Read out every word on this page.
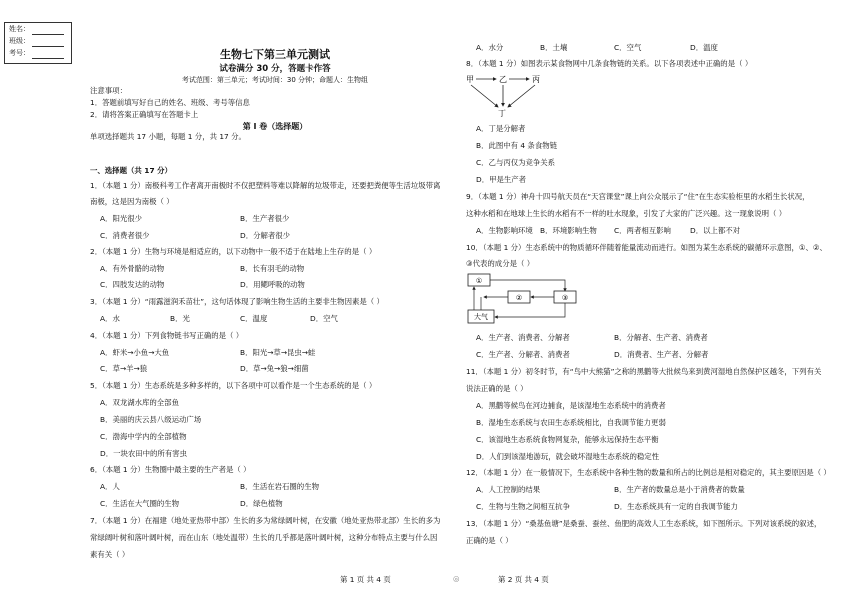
姓名：
班级：
考号：	生物七下第三单元测试
试卷满分 30 分，答题卡作答
考试范围：第三单元；考试时间：30 分钟；命题人：生物组
注意事项：
1．答题前填写好自己的姓名、班级、考号等信息
2．请将答案正确填写在答题卡上
第 I 卷（选择题）
单项选择题共 17 小题，每题 1 分，共 17 分。
一、选择题（共 17 分）
1．（本题 1 分）南极科考工作者离开南极时不仅把塑料等难以降解的垃圾带走，还要把粪便等生活垃圾带离
南极，这是因为南极（ ）
A．阳光很少	B．生产者很少
C．消费者很少	D．分解者很少
2．（本题 1 分）生物与环境是相适应的，以下动物中一般不适于在陆地上生存的是（ ）
A．有外骨骼的动物	B．长有羽毛的动物
C．四肢发达的动物	D．用鳃呼吸的动物
3．（本题 1 分）“雨露滋润禾苗壮”，这句话体现了影响生物生活的主要非生物因素是（ ）
A．水	B．光	C．温度	D．空气
4．（本题 1 分）下列食物链书写正确的是（ ）
A．虾米→小鱼→大鱼	B．阳光→草→昆虫→蛙
C．草→羊→狼	D．草→兔→狼→细菌
5．（本题 1 分）生态系统是多种多样的，以下各项中可以看作是一个生态系统的是（ ）
A．双龙湖水库的全部鱼
B．美丽的庆云县八级运动广场
C．渤海中学内的全部植物
D．一块农田中的所有害虫
6．（本题 1 分）生物圈中最主要的生产者是（ ）
A．人	B．生活在岩石圈的生物
C．生活在大气圈的生物	D．绿色植物
7．（本题 1 分）在福建（地处亚热带中部）生长的多为常绿阔叶树，在安徽（地处亚热带北部）生长的多为
常绿阔叶树和落叶阔叶树，而在山东（地处温带）生长的几乎都是落叶阔叶树，这种分布特点主要与什么因
素有关（ ）
A．水分	B．土壤	C．空气	D．温度
8．（本题 1 分）如图表示某食物网中几条食物链的关系。以下各项表述中正确的是（ ）
甲	乙	丙
丁
A．丁是分解者
B．此图中有 4 条食物链
C．乙与丙仅为竞争关系
D．甲是生产者
9．（本题 1 分）神舟十四号航天员在“天宫课堂”课上向公众展示了“住”在生态实验柜里的水稻生长状况，
这种水稻和在地球上生长的水稻有不一样的吐水现象，引发了大家的广泛兴趣。这一现象说明（ ）
A．生物影响环境 B．环境影响生物 C．两者相互影响	D．以上都不对
10．（本题 1 分）生态系统中的物质循环伴随着能量流动而进行。如图为某生态系统的碳循环示意图，①、②、
③代表的成分是（ ）
①
②	③
大气
A．生产者、消费者、分解者	B．分解者、生产者、消费者
C．生产者、分解者、消费者	D．消费者、生产者、分解者
11．（本题 1 分）初冬时节，有“鸟中大熊猫”之称的黑鹳等大批候鸟来到黄河湿地自然保护区越冬，下列有关
说法正确的是（ ）
A．黑鹳等候鸟在河边捕食，是该湿地生态系统中的消费者
B．湿地生态系统与农田生态系统相比，自我调节能力更弱
C．该湿地生态系统食物网复杂，能够永远保持生态平衡
D．人们到该湿地游玩，就会破坏湿地生态系统的稳定性
12．（本题 1 分）在一般情况下，生态系统中各种生物的数量和所占的比例总是相对稳定的，其主要原因是（ ）
A．人工控制的结果	B．生产者的数量总是小于消费者的数量
C．生物与生物之间相互抗争	D．生态系统具有一定的自我调节能力
13．（本题 1 分）“桑基鱼塘”是桑蚕、蚕丝、鱼肥的高效人工生态系统，如下图所示。下列对该系统的叙述，
正确的是（ ）
第 1 页 共 4 页	◎	第 2 页 共 4 页
